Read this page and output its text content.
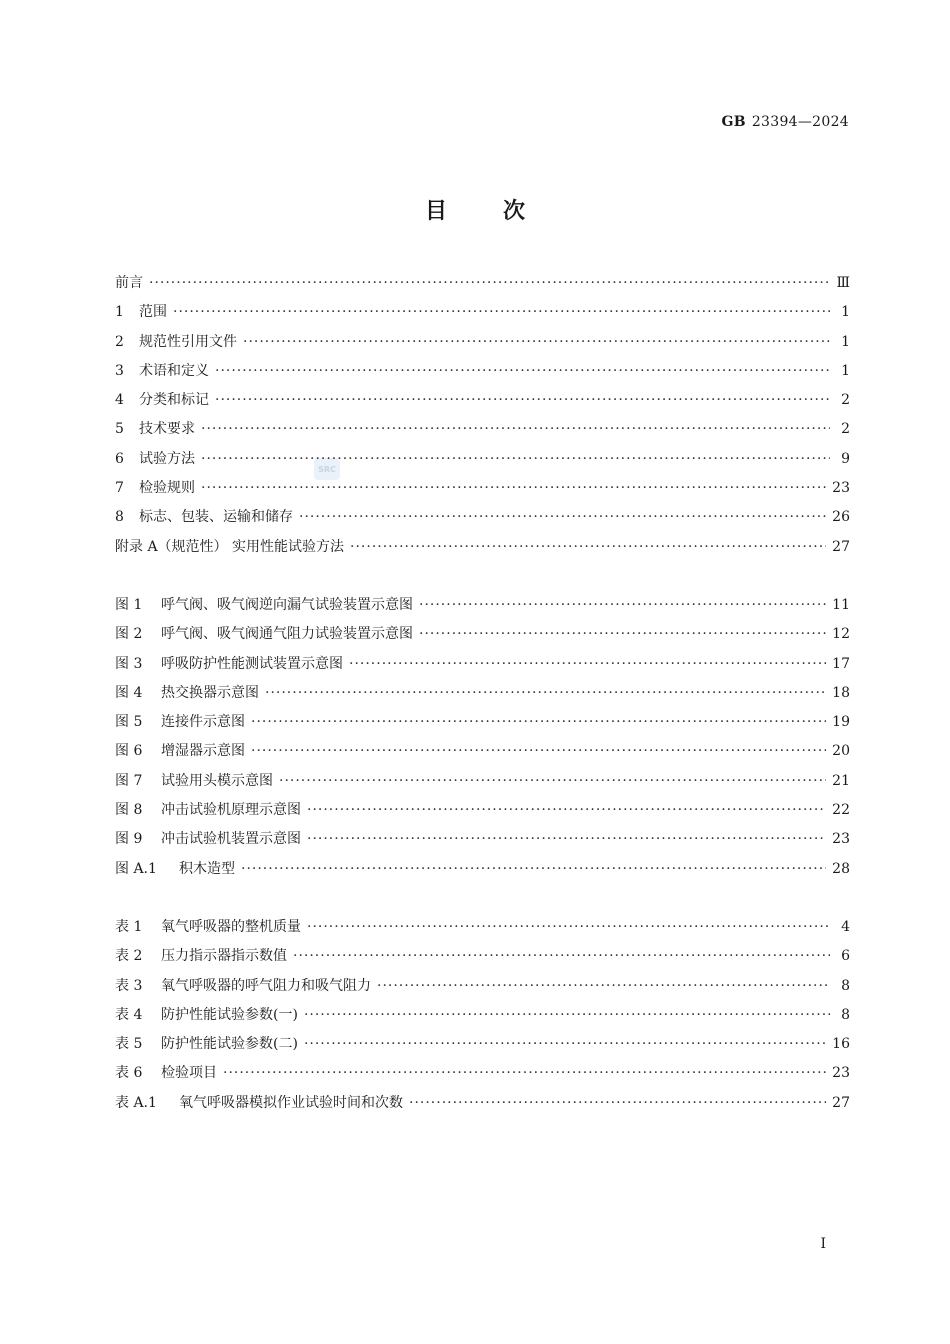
GB 23394—2024
目次
SRC
前言 ·····	Ⅲ
1	范围 ·····	1
2	规范性引用文件 ·····	1
3	术语和定义 ·····	1
4	分类和标记 ·····	2
5	技术要求 ·····	2
6	试验方法 ·····	9
7	检验规则 ·····	23
8	标志、包装、运输和储存 ·····	26
附录 A（规范性） 实用性能试验方法 ·····	27
图 1	呼气阀、吸气阀逆向漏气试验装置示意图 ·····	11
图 2	呼气阀、吸气阀通气阻力试验装置示意图 ·····	12
图 3	呼吸防护性能测试装置示意图 ·····	17
图 4	热交换器示意图 ·····	18
图 5	连接件示意图 ·····	19
图 6	增湿器示意图 ·····	20
图 7	试验用头模示意图 ·····	21
图 8	冲击试验机原理示意图 ·····	22
图 9	冲击试验机装置示意图 ·····	23
图 A.1	积木造型 ·····	28
表 1	氧气呼吸器的整机质量 ·····	4
表 2	压力指示器指示数值 ·····	6
表 3	氧气呼吸器的呼气阻力和吸气阻力 ·····	8
表 4	防护性能试验参数(一) ·····	8
表 5	防护性能试验参数(二) ·····	16
表 6	检验项目 ·····	23
表 A.1	氧气呼吸器模拟作业试验时间和次数 ·····	27
I
